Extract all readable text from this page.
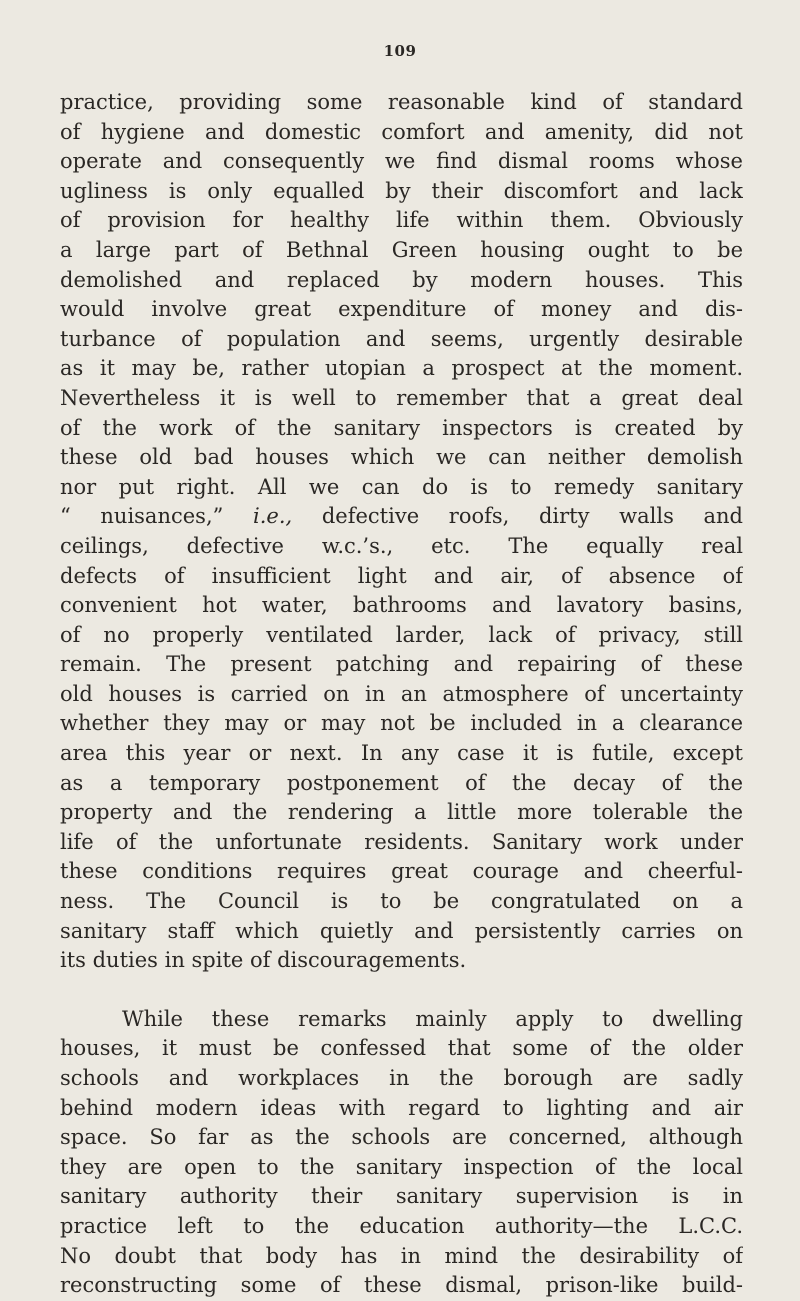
109
practice, providing some reasonable kind of standard
of hygiene and domestic comfort and amenity, did not
operate and consequently we find dismal rooms whose
ugliness is only equalled by their discomfort and lack
of provision for healthy life within them. Obviously
a large part of Bethnal Green housing ought to be
demolished and replaced by modern houses. This
would involve great expenditure of money and dis-
turbance of population and seems, urgently desirable
as it may be, rather utopian a prospect at the moment.
Nevertheless it is well to remember that a great deal
of the work of the sanitary inspectors is created by
these old bad houses which we can neither demolish
nor put right. All we can do is to remedy sanitary
“ nuisances,” i.e., defective roofs, dirty walls and
ceilings, defective w.c.’s., etc. The equally real
defects of insufficient light and air, of absence of
convenient hot water, bathrooms and lavatory basins,
of no properly ventilated larder, lack of privacy, still
remain. The present patching and repairing of these
old houses is carried on in an atmosphere of uncertainty
whether they may or may not be included in a clearance
area this year or next. In any case it is futile, except
as a temporary postponement of the decay of the
property and the rendering a little more tolerable the
life of the unfortunate residents. Sanitary work under
these conditions requires great courage and cheerful-
ness. The Council is to be congratulated on a
sanitary staff which quietly and persistently carries on
its duties in spite of discouragements.
While these remarks mainly apply to dwelling
houses, it must be confessed that some of the older
schools and workplaces in the borough are sadly
behind modern ideas with regard to lighting and air
space. So far as the schools are concerned, although
they are open to the sanitary inspection of the local
sanitary authority their sanitary supervision is in
practice left to the education authority—the L.C.C.
No doubt that body has in mind the desirability of
reconstructing some of these dismal, prison-like build-
